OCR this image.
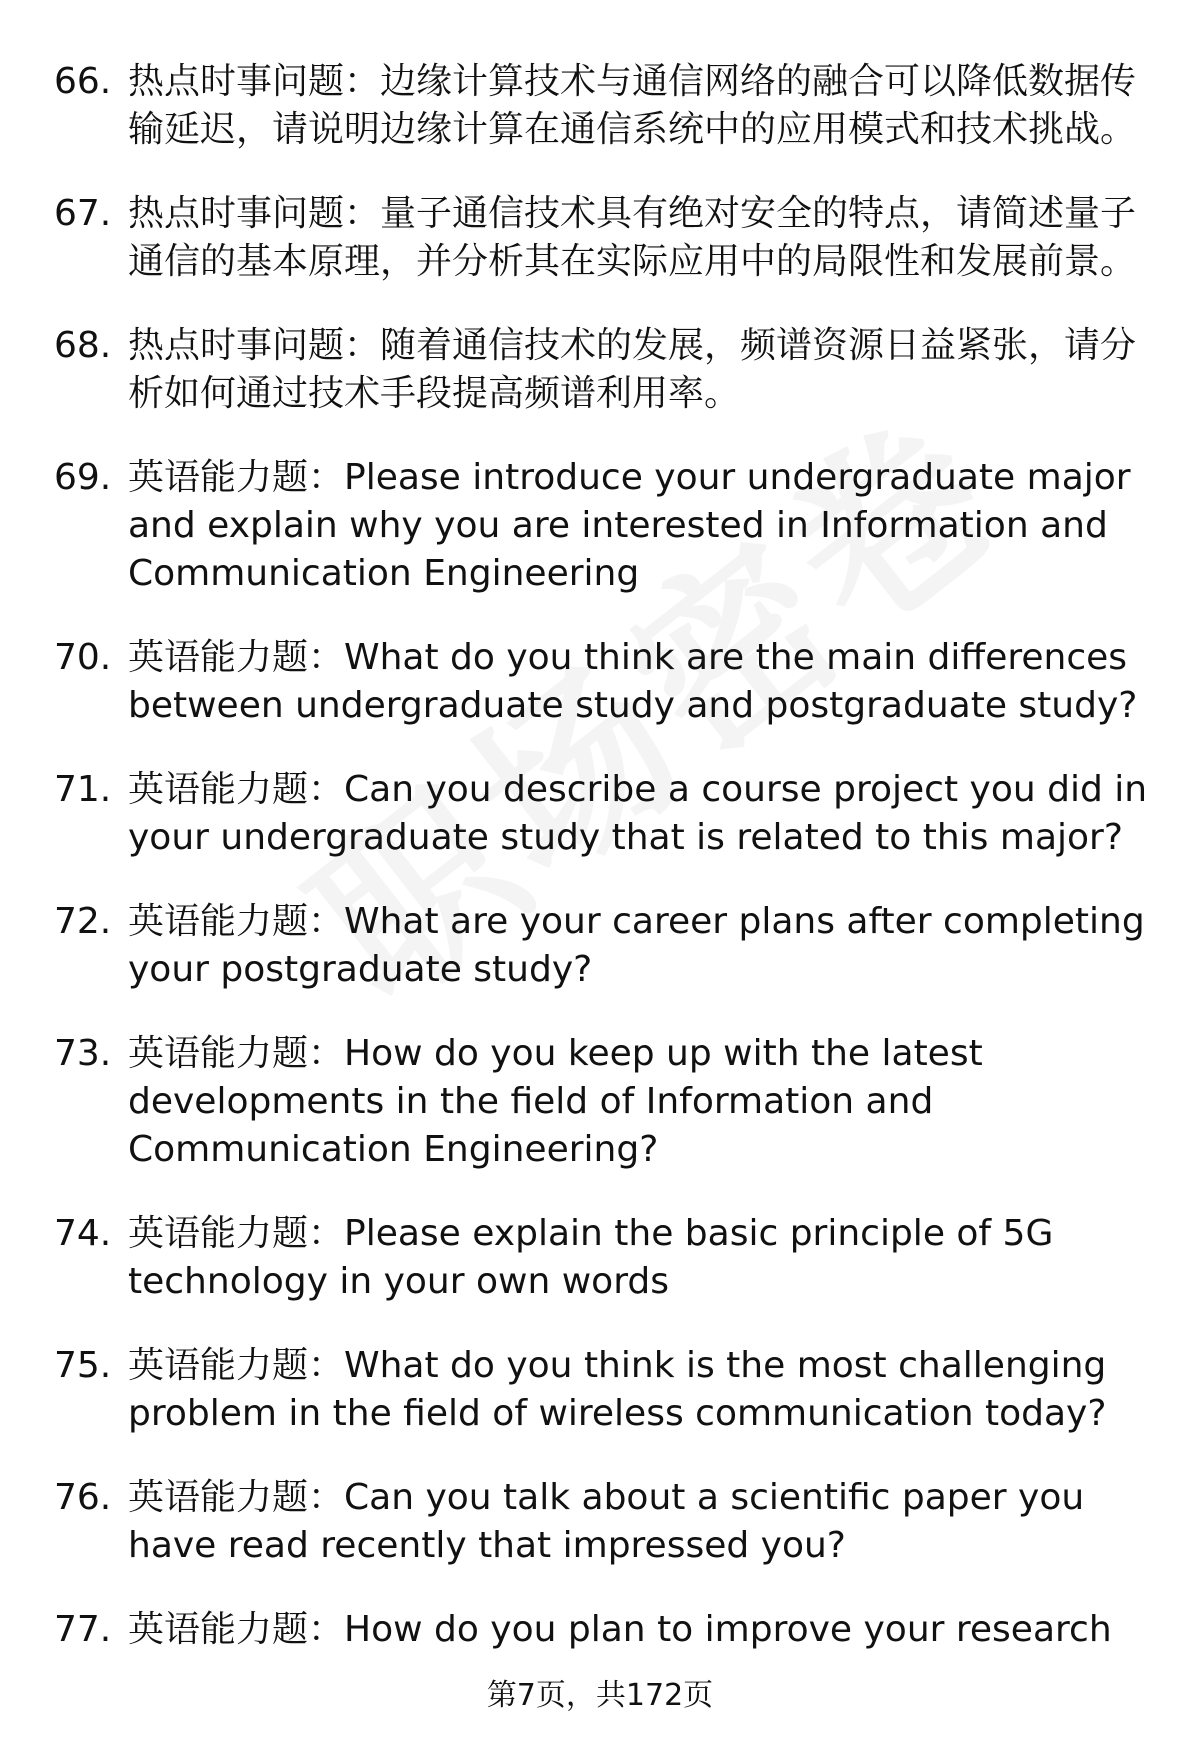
66. 热点时事问题：边缘计算技术与通信网络的融合可以降低数据传输延迟，请说明边缘计算在通信系统中的应用模式和技术挑战。
67. 热点时事问题：量子通信技术具有绝对安全的特点，请简述量子通信的基本原理，并分析其在实际应用中的局限性和发展前景。
68. 热点时事问题：随着通信技术的发展，频谱资源日益紧张，请分析如何通过技术手段提高频谱利用率。
69. 英语能力题：Please introduce your undergraduate major and explain why you are interested in Information and Communication Engineering
70. 英语能力题：What do you think are the main differences between undergraduate study and postgraduate study?
71. 英语能力题：Can you describe a course project you did in your undergraduate study that is related to this major?
72. 英语能力题：What are your career plans after completing your postgraduate study?
73. 英语能力题：How do you keep up with the latest developments in the field of Information and Communication Engineering?
74. 英语能力题：Please explain the basic principle of 5G technology in your own words
75. 英语能力题：What do you think is the most challenging problem in the field of wireless communication today?
76. 英语能力题：Can you talk about a scientific paper you have read recently that impressed you?
77. 英语能力题：How do you plan to improve your research
第7页，共172页
